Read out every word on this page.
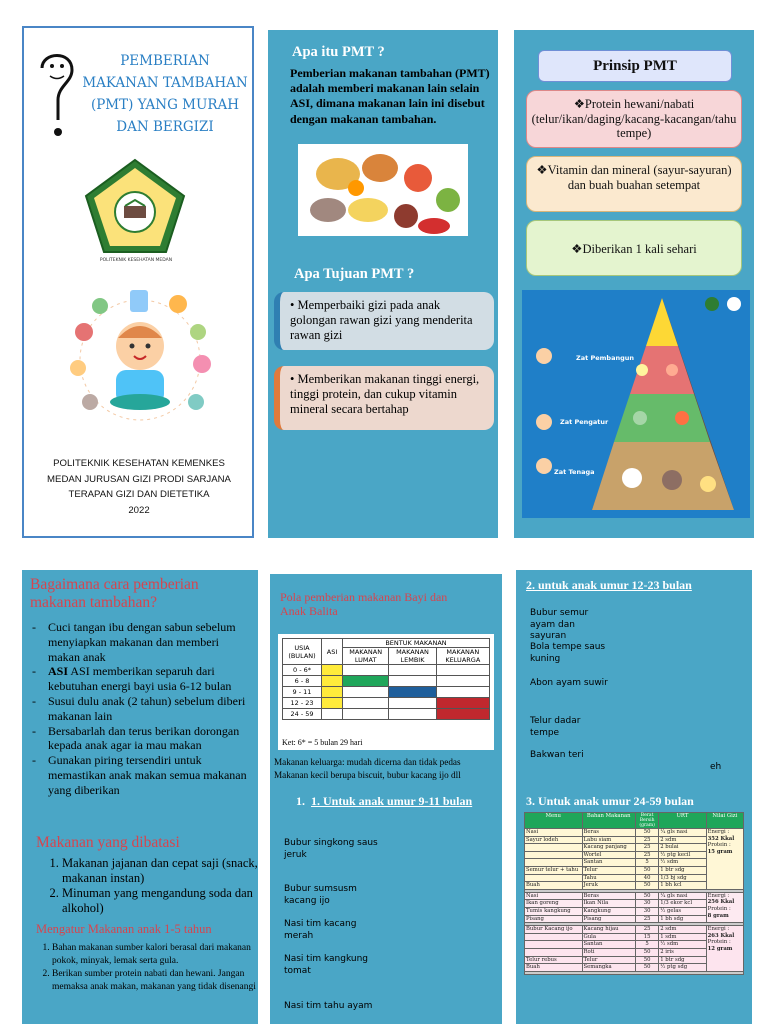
PEMBERIAN MAKANAN TAMBAHAN (PMT) YANG MURAH DAN BERGIZI
POLITEKNIK KESEHATAN MEDAN
POLITEKNIK KESEHATAN KEMENKES
MEDAN JURUSAN GIZI PRODI SARJANA
TERAPAN GIZI DAN DIETETIKA
2022
Apa itu PMT ?
Pemberian makanan tambahan (PMT) adalah memberi makanan lain selain ASI, dimana makanan lain ini disebut dengan makanan tambahan.
Apa Tujuan PMT ?
• Memperbaiki gizi pada anak golongan rawan gizi yang menderita rawan gizi
• Memberikan makanan tinggi energi, tinggi protein, dan cukup vitamin mineral secara bertahap
Prinsip PMT
❖Protein hewani/nabati (telur/ikan/daging/kacang-kacangan/tahu tempe)
❖Vitamin dan mineral (sayur-sayuran) dan buah buahan setempat
❖Diberikan 1 kali sehari
Zat Pembangun
Zat Pengatur
Zat Tenaga
Bagaimana cara pemberian makanan tambahan?
- Cuci tangan ibu dengan sabun sebelum menyiapkan makanan dan memberi makan anak
- ASI ASI memberikan separuh dari kebutuhan energi bayi usia 6-12 bulan
- Susui dulu anak (2 tahun) sebelum diberi makanan lain
- Bersabarlah dan terus berikan dorongan kepada anak agar ia mau makan
- Gunakan piring tersendiri untuk memastikan anak makan semua makanan yang diberikan
Makanan yang dibatasi
1. Makanan jajanan dan cepat saji (snack, makanan instan)
2. Minuman yang mengandung soda dan alkohol)
Mengatur Makanan anak 1-5 tahun
1. Bahan makanan sumber kalori berasal dari makanan pokok, minyak, lemak serta gula.
2. Berikan sumber protein nabati dan hewani. Jangan memaksa anak makan, makanan yang tidak disenangi
Pola pemberian makanan Bayi dan Anak Balita
USIA (BULAN)	ASI	BENTUK MAKANAN		
		MAKANAN LUMAT	MAKANAN LEMBIK	MAKANAN KELUARGA
0 - 6*				
6 - 8				
9 - 11				
12 - 23				
24 - 59				
Ket: 6* = 5 bulan 29 hari
Makanan keluarga: mudah dicerna dan tidak pedas
Makanan kecil berupa biscuit, bubur kacang ijo dll
1.  1. Untuk anak umur 9-11 bulan
Bubur singkong saus jeruk
Bubur sumsusm kacang ijo
Nasi tim kacang merah
Nasi tim kangkung tomat
Nasi tim tahu ayam
2. untuk anak umur 12-23 bulan
Bubur semur ayam dan sayuran
Bola tempe saus kuning
Abon ayam suwir
Telur dadar tempe
Bakwan teri
eh
3. Untuk anak umur 24-59 bulan
Menu	Bahan Makanan	Berat Bersih (gram)	URT	Nilai Gizi
Nasi	Beras	50	¼ gls nasi	Energi :
352 Kkal
Protein :
15 gram

Sayur lodeh	Labu siam	25	2 sdm	
	Kacang panjang	25	2 bulai	
	Wortel	25	½ ptg kecil	
	Santan	5	½ sdm	
Semur telur + tahu	Telur	50	1 btr sdg	
	Tahu	40	1/3 bj sdg	
Buah	Jeruk	50	1 bh kcl	

Nasi	Beras	50	¼ gls nasi	Energi :
256 Kkal
Protein :
8 gram

Ikan goreng	Ikan Nila	30	1/3 ekor kcl	
Tumis kangkung	Kangkung	30	½ gelas	
Pisang	Pisang	25	1 bh sdg	

Bubur Kacang ijo	Kacang hijau	25	2 sdm	Energi :
263 Kkal
Protein :
12 gram

	Gula	15	1 sdm	
	Santan	5	½ sdm	
	Roti	50	2 iris	
Telur rebus	Telur	50	1 btr sdg	
Buah	Semangka	50	½ ptg sdg	
